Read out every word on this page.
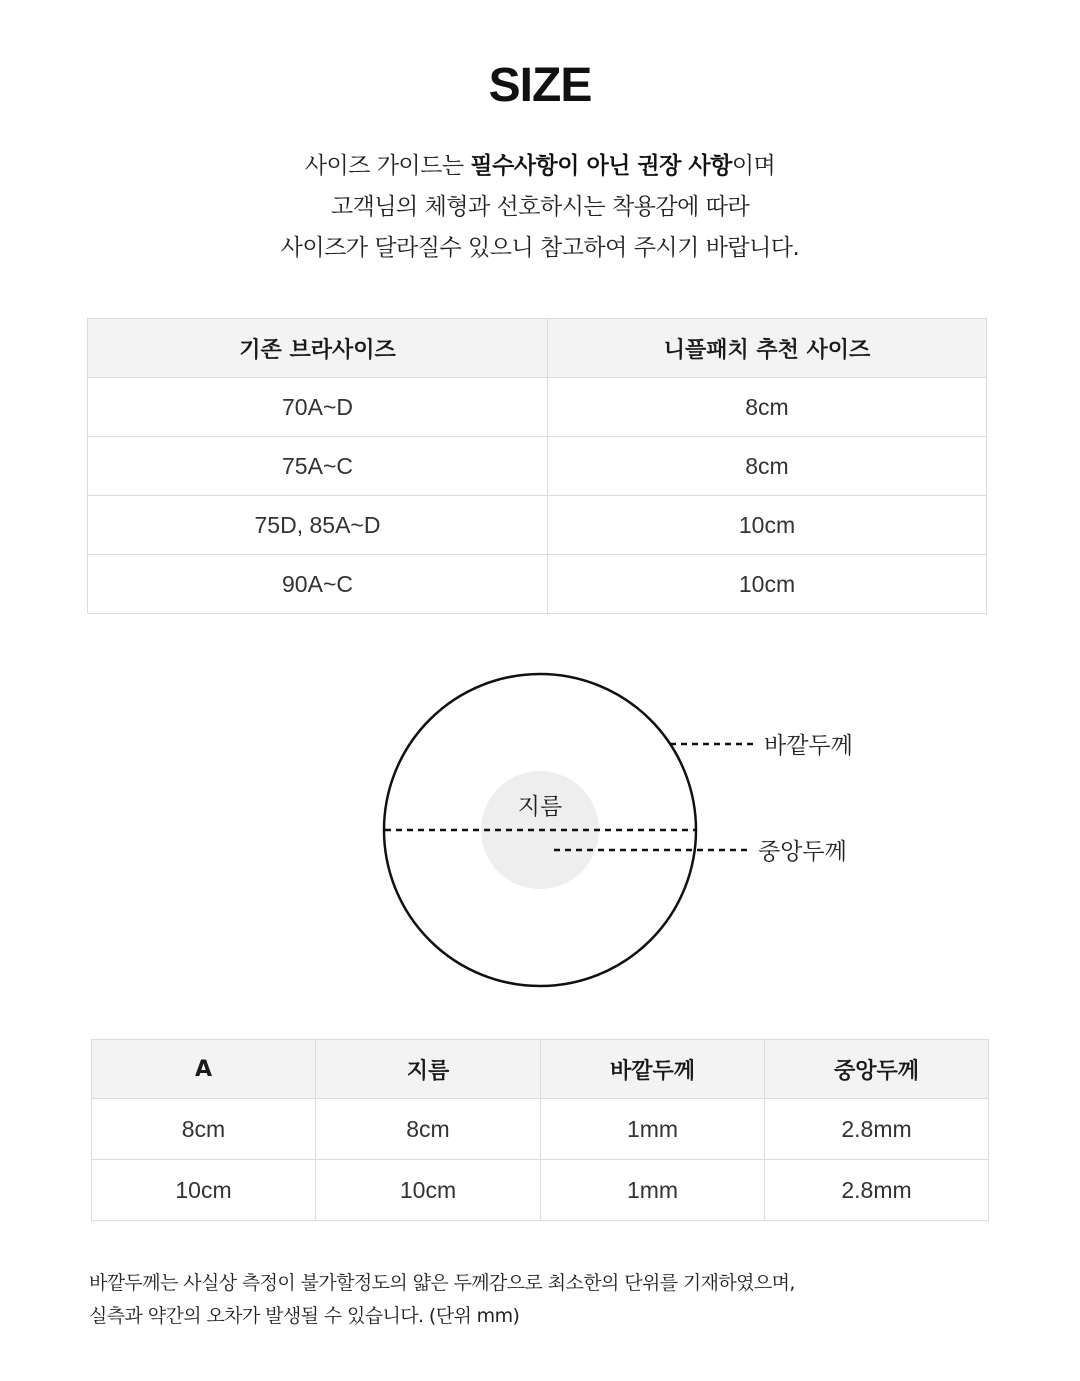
SIZE
사이즈 가이드는 필수사항이 아닌 권장 사항이며
고객님의 체형과 선호하시는 착용감에 따라
사이즈가 달라질수 있으니 참고하여 주시기 바랍니다.
기존 브라사이즈	니플패치 추천 사이즈
70A~D	8cm
75A~C	8cm
75D, 85A~D	10cm
90A~C	10cm
지름
바깥두께
중앙두께
A	지름	바깥두께	중앙두께
8cm	8cm	1mm	2.8mm
10cm	10cm	1mm	2.8mm
바깥두께는 사실상 측정이 불가할정도의 얇은 두께감으로 최소한의 단위를 기재하였으며,
실측과 약간의 오차가 발생될 수 있습니다. (단위 mm)
